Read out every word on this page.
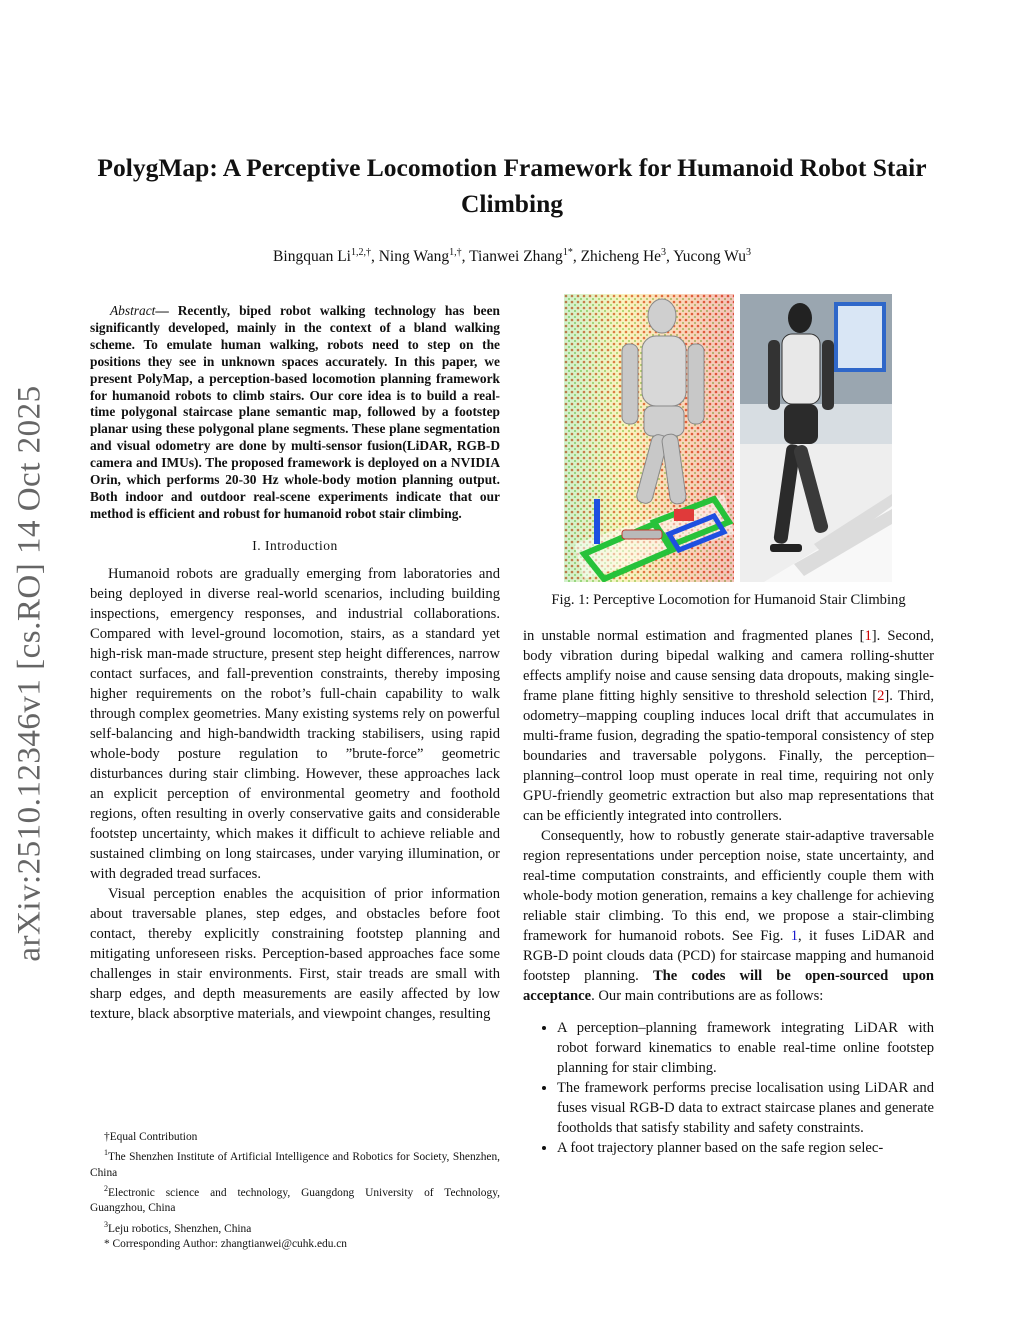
arXiv:2510.12346v1 [cs.RO] 14 Oct 2025
PolygMap: A Perceptive Locomotion Framework for Humanoid Robot Stair Climbing
Bingquan $Li^{1,2,\dagger}$, Ning Wang$^{1,\dagger}$, Tianwei Zhang$^{1*}$, Zhicheng He$^3$, Yucong Wu$^3$

Abstract— Recently, biped robot walking technology has been significantly developed, mainly in the context of a bland walking scheme. To emulate human walking, robots need to step on the positions they see in unknown spaces accurately. In this paper, we present PolyMap, a perception-based locomotion planning framework for humanoid robots to climb stairs. Our core idea is to build a real-time polygonal staircase plane semantic map, followed by a footstep planar using these polygonal plane segments. These plane segmentation and visual odometry are done by multi-sensor fusion(LiDAR, RGB-D camera and IMUs). The proposed framework is deployed on a NVIDIA Orin, which performs 20-30 Hz whole-body motion planning output. Both indoor and outdoor real-scene experiments indicate that our method is efficient and robust for humanoid robot stair climbing.

I. Introduction

Humanoid robots are gradually emerging from laboratories and being deployed in diverse real-world scenarios, including building inspections, emergency responses, and industrial collaborations. Compared with level-ground locomotion, stairs, as a standard yet high-risk man-made structure, present step height differences, narrow contact surfaces, and fall-prevention constraints, thereby imposing higher requirements on the robot’s full-chain capability to walk through complex geometries. Many existing systems rely on powerful self-balancing and high-bandwidth tracking stabilisers, using rapid whole-body posture regulation to ”brute-force” geometric disturbances during stair climbing. However, these approaches lack an explicit perception of environmental geometry and foothold regions, often resulting in overly conservative gaits and considerable footstep uncertainty, which makes it difficult to achieve reliable and sustained climbing on long staircases, under varying illumination, or with degraded tread surfaces.

Visual perception enables the acquisition of prior information about traversable planes, step edges, and obstacles before foot contact, thereby explicitly constraining footstep planning and mitigating unforeseen risks. Perception-based approaches face some challenges in stair environments. First, stair treads are small with sharp edges, and depth measurements are easily affected by low texture, black absorptive materials, and viewpoint changes, resulting

Fig. 1: Perceptive Locomotion for Humanoid Stair Climbing

in unstable normal estimation and fragmented planes [1]. Second, body vibration during bipedal walking and camera rolling-shutter effects amplify noise and cause sensing data dropouts, making single-frame plane fitting highly sensitive to threshold selection [2]. Third, odometry–mapping coupling induces local drift that accumulates in multi-frame fusion, degrading the spatio-temporal consistency of step boundaries and traversable polygons. Finally, the perception–planning–control loop must operate in real time, requiring not only GPU-friendly geometric extraction but also map representations that can be efficiently integrated into controllers.

Consequently, how to robustly generate stair-adaptive traversable region representations under perception noise, state uncertainty, and real-time computation constraints, and efficiently couple them with whole-body motion generation, remains a key challenge for achieving reliable stair climbing. To this end, we propose a stair-climbing framework for humanoid robots. See Fig. 1, it fuses LiDAR and RGB-D point clouds data (PCD) for staircase mapping and humanoid footstep planning. The codes will be open-sourced upon acceptance. Our main contributions are as follows:

• A perception–planning framework integrating LiDAR with robot forward kinematics to enable real-time online footstep planning for stair climbing.
• The framework performs precise localisation using LiDAR and fuses visual RGB-D data to extract staircase planes and generate footholds that satisfy stability and safety constraints.
• A foot trajectory planner based on the safe region selec-

†Equal Contribution

$^1$The Shenzhen Institute of Artificial Intelligence and Robotics for Society, Shenzhen, China

$^2$Electronic science and technology, Guangdong University of Technology, Guangzhou, China

$^3$Leju robotics, Shenzhen, China

* Corresponding Author: zhangtianwei@cuhk.edu.cn
